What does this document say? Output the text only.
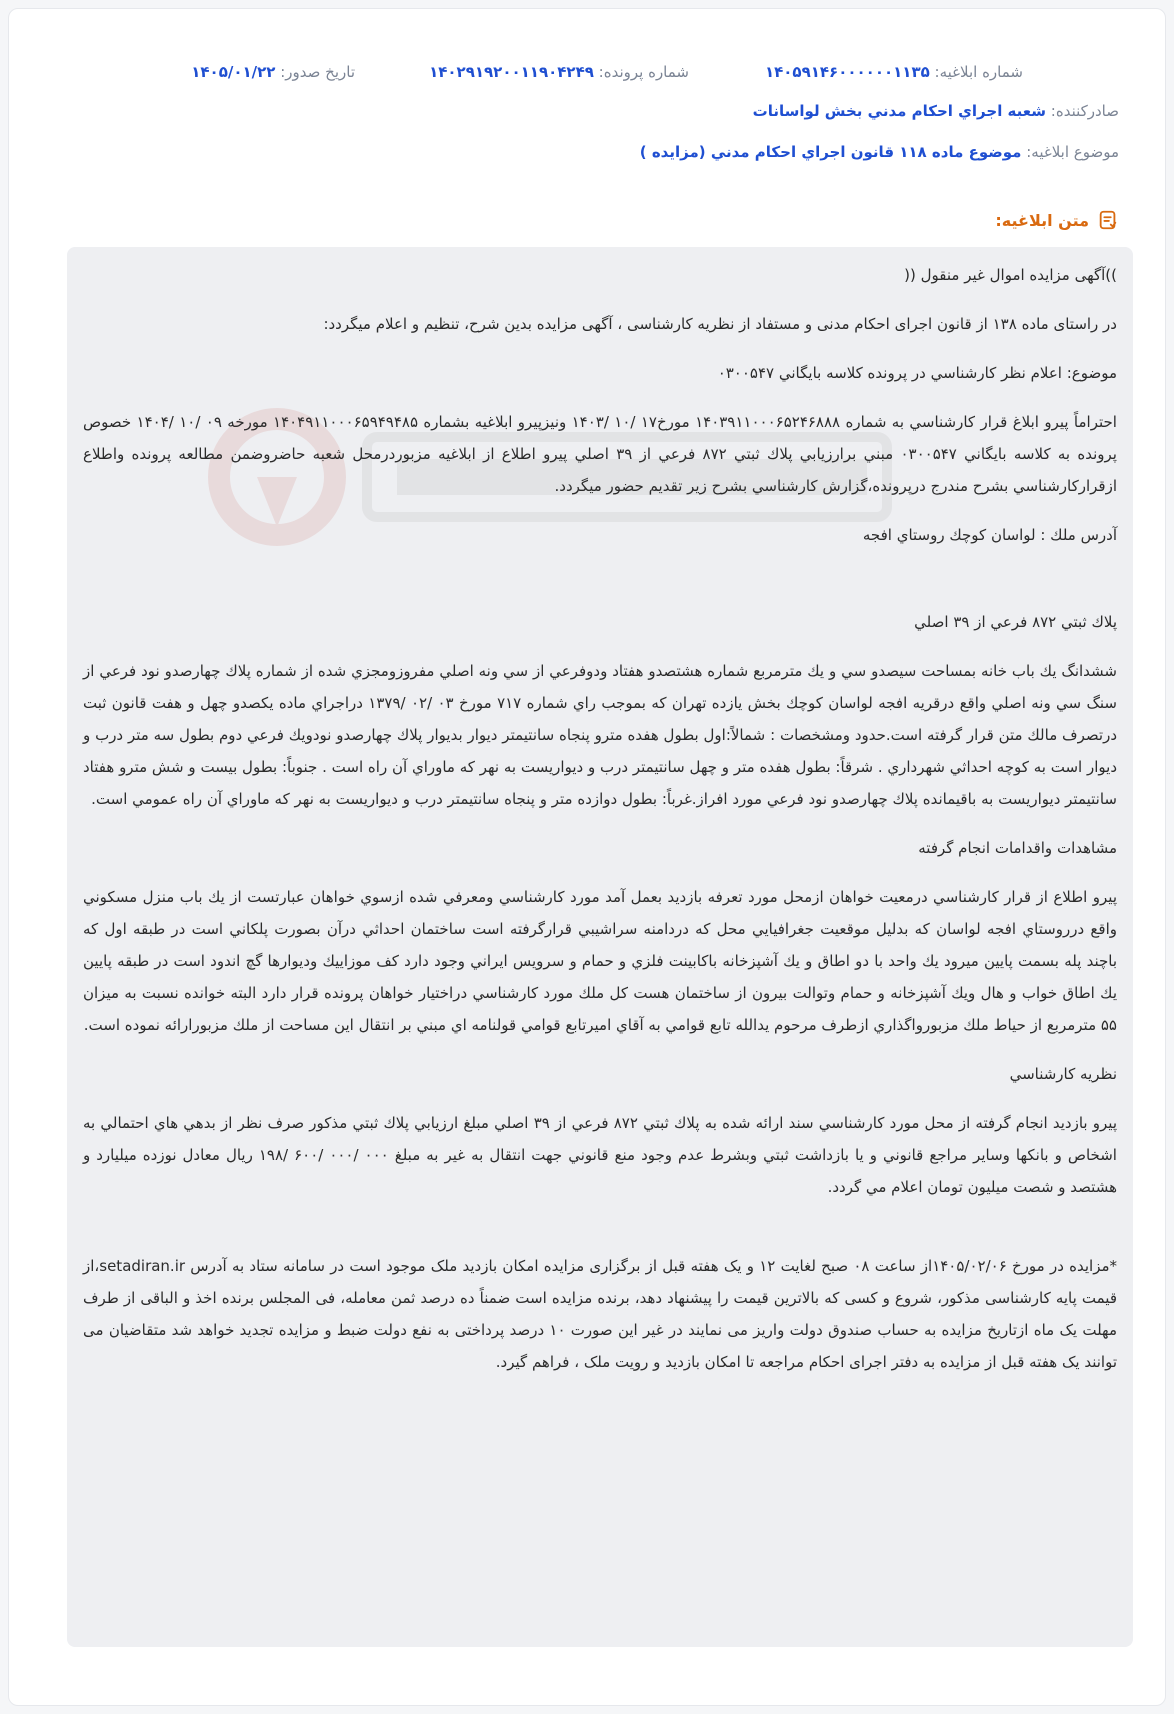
شماره ابلاغیه: ۱۴۰۵۹۱۴۶۰۰۰۰۰۰۱۱۳۵
شماره پرونده: ۱۴۰۲۹۱۹۲۰۰۱۱۹۰۴۲۴۹
تاریخ صدور: ۱۴۰۵/۰۱/۲۲
صادرکننده: شعبه اجراي احكام مدني بخش لواسانات
موضوع ابلاغیه: موضوع ماده ۱۱۸ قانون اجراي احكام مدني (مزايده )
متن ابلاغیه:

))آگهی مزایده اموال غیر منقول ((

در راستای ماده ۱۳۸ از قانون اجرای احکام مدنی و مستفاد از نظریه کارشناسی ، آگهی مزایده بدین شرح، تنظیم و اعلام میگردد:

موضوع: اعلام نظر كارشناسي در پرونده كلاسه بايگاني ۰۳۰۰۵۴۷

احتراماً پيرو ابلاغ قرار كارشناسي به شماره ۱۴۰۳۹۱۱۰۰۰۶۵۲۴۶۸۸۸ مورخ۱۷ /۱۰ /۱۴۰۳ ونيزپيرو ابلاغيه بشماره ۱۴۰۴۹۱۱۰۰۰۶۵۹۴۹۴۸۵ مورخه ۰۹ /۱۰ /۱۴۰۴ خصوص پرونده به كلاسه بايگاني ۰۳۰۰۵۴۷ مبني برارزيابي پلاك ثبتي ۸۷۲ فرعي از ۳۹ اصلي پيرو اطلاع از ابلاغيه مزبوردرمحل شعبه حاضروضمن مطالعه پرونده واطلاع ازقراركارشناسي بشرح مندرج درپرونده،گزارش كارشناسي بشرح زير تقديم حضور ميگردد.

آدرس ملك : لواسان كوچك روستاي افجه

پلاك ثبتي ۸۷۲ فرعي از ۳۹ اصلي

ششدانگ يك باب خانه بمساحت سيصدو سي و يك مترمربع شماره هشتصدو هفتاد ودوفرعي از سي ونه اصلي مفروزومجزي شده از شماره پلاك چهارصدو نود فرعي از سنگ سي ونه اصلي واقع درقريه افجه لواسان كوچك بخش يازده تهران كه بموجب راي شماره ۷۱۷ مورخ ۰۳ /۰۲ /۱۳۷۹ دراجراي ماده يكصدو چهل و هفت قانون ثبت درتصرف مالك متن قرار گرفته است.حدود ومشخصات : شمالاً:اول بطول هفده مترو پنجاه سانتيمتر ديوار بديوار پلاك چهارصدو نودويك فرعي دوم بطول سه متر درب و ديوار است به كوچه احداثي شهرداري . شرقاً: بطول هفده متر و چهل سانتيمتر درب و ديواريست به نهر كه ماوراي آن راه است . جنوباً: بطول بيست و شش مترو هفتاد سانتيمتر ديواريست به باقيمانده پلاك چهارصدو نود فرعي مورد افراز.غرباً: بطول دوازده متر و پنجاه سانتيمتر درب و ديواريست به نهر كه ماوراي آن راه عمومي است.

مشاهدات واقدامات انجام گرفته

پيرو اطلاع از قرار كارشناسي درمعيت خواهان ازمحل مورد تعرفه بازديد بعمل آمد مورد كارشناسي ومعرفي شده ازسوي خواهان عبارتست از يك باب منزل مسكوني واقع درروستاي افجه لواسان كه بدليل موقعيت جغرافيايي محل كه دردامنه سراشيبي قرارگرفته است ساختمان احداثي درآن بصورت پلكاني است در طبقه اول كه باچند پله بسمت پايين ميرود يك واحد با دو اطاق و يك آشپزخانه باكابينت فلزي و حمام و سرويس ايراني وجود دارد كف موزاييك وديوارها گچ اندود است در طبقه پايين يك اطاق خواب و هال ويك آشپزخانه و حمام وتوالت بيرون از ساختمان هست كل ملك مورد كارشناسي دراختيار خواهان پرونده قرار دارد البته خوانده نسبت به ميزان ۵۵ مترمربع از حياط ملك مزبورواگذاري ازطرف مرحوم يدالله تابع قوامي به آقاي اميرتابع قوامي قولنامه اي مبني بر انتقال اين مساحت از ملك مزبورارائه نموده است.

نظريه كارشناسي

پيرو بازديد انجام گرفته از محل مورد كارشناسي سند ارائه شده به پلاك ثبتي ۸۷۲ فرعي از ۳۹ اصلي مبلغ ارزيابي پلاك ثبتي مذكور صرف نظر از بدهي هاي احتمالي به اشخاص و بانكها وساير مراجع قانوني و يا بازداشت ثبتي وبشرط عدم وجود منع قانوني جهت انتقال به غير به مبلغ ۰۰۰ /۰۰۰ /۶۰۰ /۱۹۸ ريال معادل نوزده ميليارد و هشتصد و شصت ميليون تومان اعلام مي گردد.

*مزایده در مورخ ۱۴۰۵/۰۲/۰۶از ساعت ۰۸ صبح لغایت ۱۲ و یک هفته قبل از برگزاری مزایده امکان بازدید ملک موجود است در سامانه ستاد به آدرس setadiran.ir،از قیمت پایه کارشناسی مذکور، شروع و کسی که بالاترین قیمت را پیشنهاد دهد، برنده مزایده است ضمناً ده درصد ثمن معامله، فی المجلس برنده اخذ و الباقی از طرف مهلت یک ماه ازتاریخ مزایده به حساب صندوق دولت واریز می نمایند در غیر این صورت ۱۰ درصد پرداختی به نفع دولت ضبط و مزایده تجدید خواهد شد متقاضیان می توانند یک هفته قبل از مزایده به دفتر اجرای احکام مراجعه تا امکان بازدید و رویت ملک ، فراهم گیرد.
